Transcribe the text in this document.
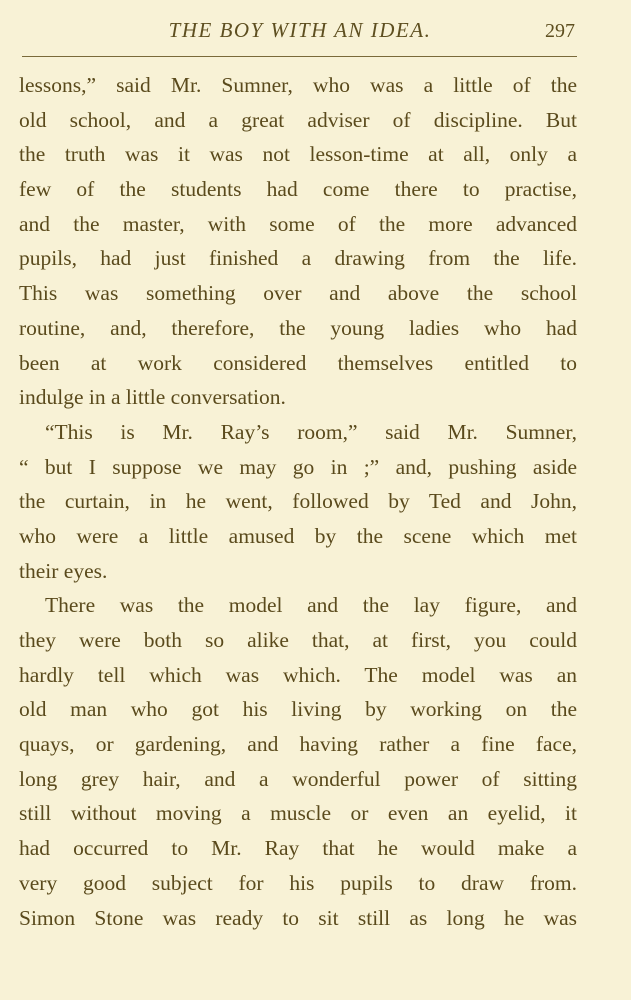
THE BOY WITH AN IDEA.	297
lessons,” said Mr. Sumner, who was a little of the
old school, and a great adviser of discipline. But
the truth was it was not lesson-time at all, only a
few of the students had come there to practise,
and the master, with some of the more advanced
pupils, had just finished a drawing from the life.
This was something over and above the school
routine, and, therefore, the young ladies who had
been at work considered themselves entitled to
indulge in a little conversation.
“This is Mr. Ray’s room,” said Mr. Sumner,
“ but I suppose we may go in ;” and, pushing aside
the curtain, in he went, followed by Ted and John,
who were a little amused by the scene which met
their eyes.
There was the model and the lay figure, and
they were both so alike that, at first, you could
hardly tell which was which. The model was an
old man who got his living by working on the
quays, or gardening, and having rather a fine face,
long grey hair, and a wonderful power of sitting
still without moving a muscle or even an eyelid, it
had occurred to Mr. Ray that he would make a
very good subject for his pupils to draw from.
Simon Stone was ready to sit still as long he was
